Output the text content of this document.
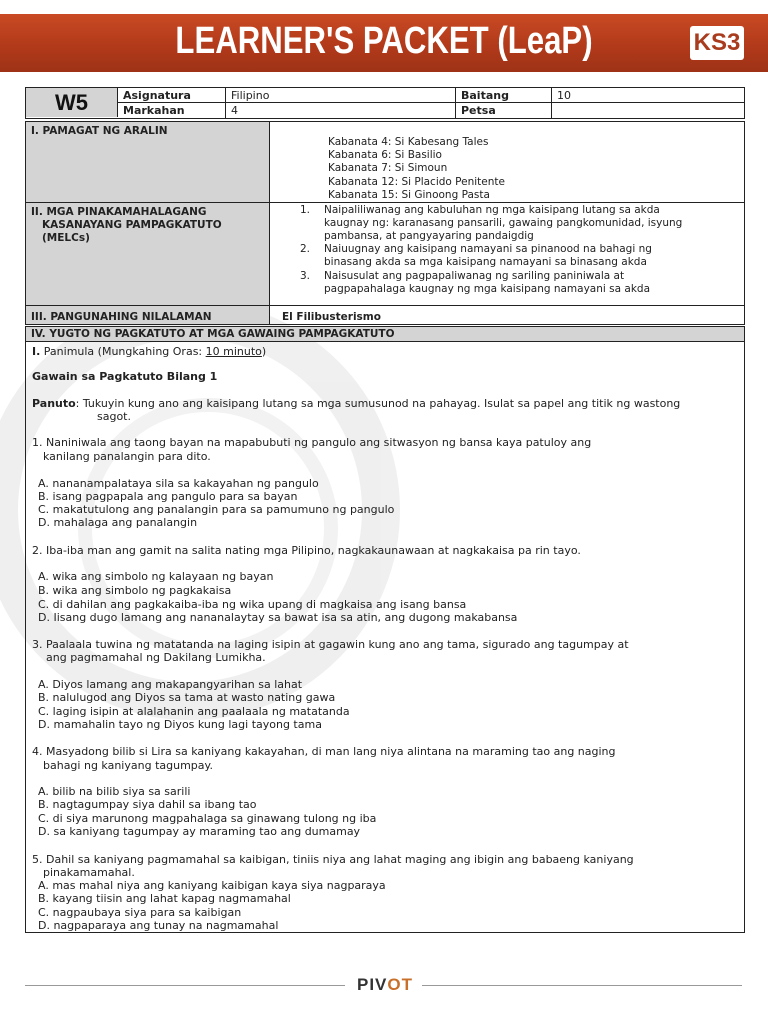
LEARNER'S PACKET (LeaP)	KS3
W5	Asignatura	Filipino	Baitang	10
Markahan	4	Petsa
I. PAMAGAT NG ARALIN
Kabanata 4: Si Kabesang Tales
Kabanata 6: Si Basilio
Kabanata 7: Si Simoun
Kabanata 12: Si Placido Penitente
Kabanata 15: Si Ginoong Pasta
II. MGA PINAKAMAHALAGANG
KASANAYANG PAMPAGKATUTO
(MELCs)
1. Naipaliliwanag ang kabuluhan ng mga kaisipang lutang sa akda
kaugnay ng: karanasang pansarili, gawaing pangkomunidad, isyung
pambansa, at pangyayaring pandaigdig
2. Naiuugnay ang kaisipang namayani sa pinanood na bahagi ng
binasang akda sa mga kaisipang namayani sa binasang akda
3. Naisusulat ang pagpapaliwanag ng sariling paniniwala at
pagpapahalaga kaugnay ng mga kaisipang namayani sa akda
III. PANGUNAHING NILALAMAN	El Filibusterismo
IV. YUGTO NG PAGKATUTO AT MGA GAWAING PAMPAGKATUTO
I. Panimula (Mungkahing Oras: 10 minuto)
Gawain sa Pagkatuto Bilang 1
Panuto: Tukuyin kung ano ang kaisipang lutang sa mga sumusunod na pahayag. Isulat sa papel ang titik ng wastong
sagot.
1. Naniniwala ang taong bayan na mapabubuti ng pangulo ang sitwasyon ng bansa kaya patuloy ang
kanilang panalangin para dito.
A. nananampalataya sila sa kakayahan ng pangulo
B. isang pagpapala ang pangulo para sa bayan
C. makatutulong ang panalangin para sa pamumuno ng pangulo
D. mahalaga ang panalangin
2. Iba-iba man ang gamit na salita nating mga Pilipino, nagkakaunawaan at nagkakaisa pa rin tayo.
A. wika ang simbolo ng kalayaan ng bayan
B. wika ang simbolo ng pagkakaisa
C. di dahilan ang pagkakaiba-iba ng wika upang di magkaisa ang isang bansa
D. Iisang dugo lamang ang nananalaytay sa bawat isa sa atin, ang dugong makabansa
3. Paalaala tuwina ng matatanda na laging isipin at gagawin kung ano ang tama, sigurado ang tagumpay at
ang pagmamahal ng Dakilang Lumikha.
A. Diyos lamang ang makapangyarihan sa lahat
B. nalulugod ang Diyos sa tama at wasto nating gawa
C. laging isipin at alalahanin ang paalaala ng matatanda
D. mamahalin tayo ng Diyos kung lagi tayong tama
4. Masyadong bilib si Lira sa kaniyang kakayahan, di man lang niya alintana na maraming tao ang naging
bahagi ng kaniyang tagumpay.
A. bilib na bilib siya sa sarili
B. nagtagumpay siya dahil sa ibang tao
C. di siya marunong magpahalaga sa ginawang tulong ng iba
D. sa kaniyang tagumpay ay maraming tao ang dumamay
5. Dahil sa kaniyang pagmamahal sa kaibigan, tiniis niya ang lahat maging ang ibigin ang babaeng kaniyang
pinakamamahal.
A. mas mahal niya ang kaniyang kaibigan kaya siya nagparaya
B. kayang tiisin ang lahat kapag nagmamahal
C. nagpaubaya siya para sa kaibigan
D. nagpaparaya ang tunay na nagmamahal
PIVOT
